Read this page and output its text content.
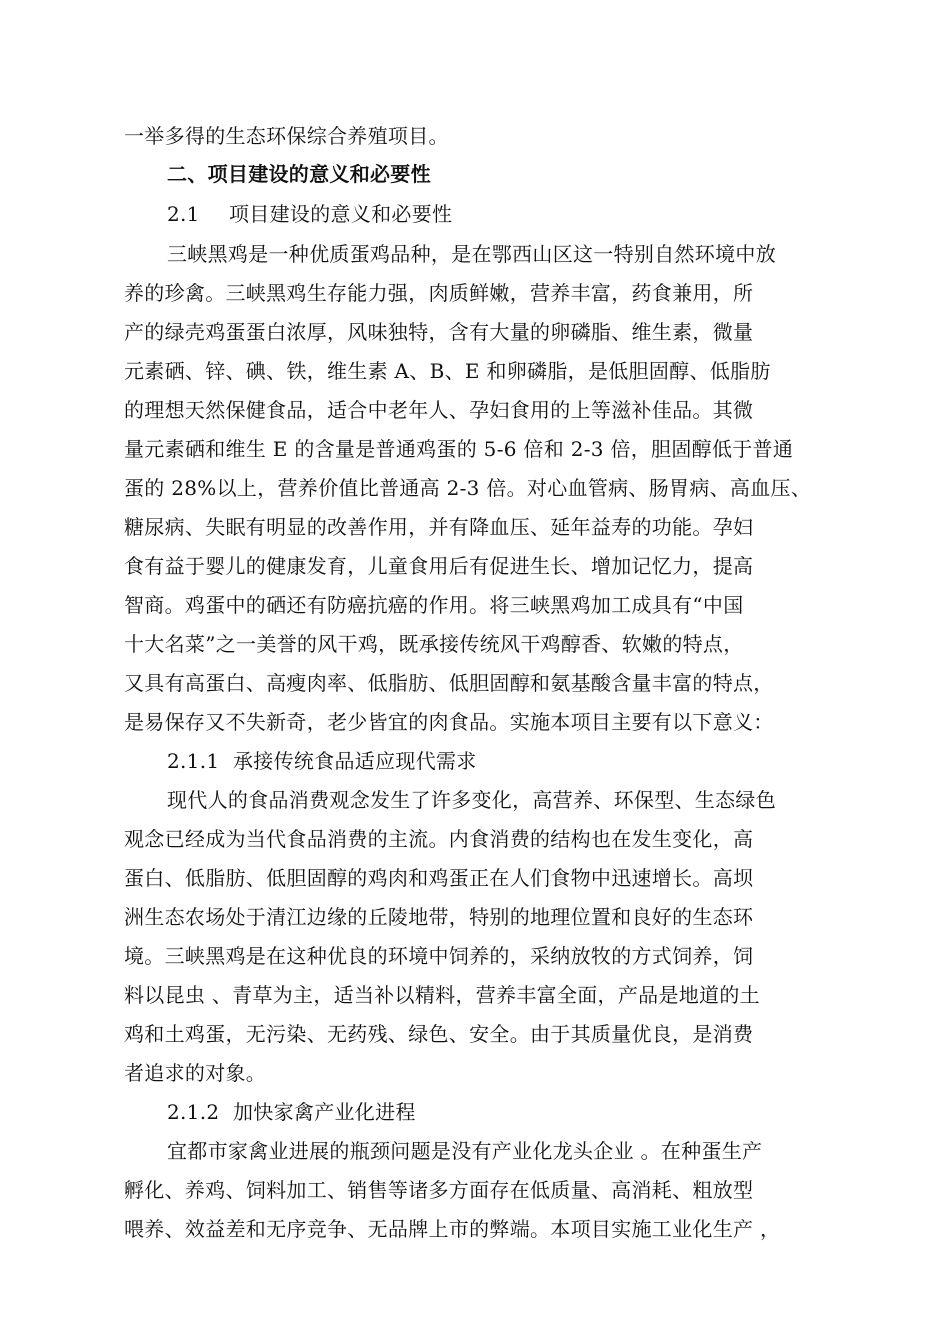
一举多得的生态环保综合养殖项目。
二、项目建设的意义和必要性
2.1 项目建设的意义和必要性
三峡黑鸡是一种优质蛋鸡品种，是在鄂西山区这一特别自然环境中放
养的珍禽。三峡黑鸡生存能力强，肉质鲜嫩，营养丰富，药食兼用，所
产的绿壳鸡蛋蛋白浓厚，风味独特，含有大量的卵磷脂、维生素，微量
元素硒、锌、碘、铁，维生素 A、B、E 和卵磷脂，是低胆固醇、低脂肪
的理想天然保健食品，适合中老年人、孕妇食用的上等滋补佳品。其微
量元素硒和维生 E 的含量是普通鸡蛋的 5-6 倍和 2-3 倍，胆固醇低于普通
蛋的 28%以上，营养价值比普通高 2-3 倍。对心血管病、肠胃病、高血压、
糖尿病、失眠有明显的改善作用，并有降血压、延年益寿的功能。孕妇
食有益于婴儿的健康发育，儿童食用后有促进生长、增加记忆力，提高
智商。鸡蛋中的硒还有防癌抗癌的作用。将三峡黑鸡加工成具有“中国
十大名菜”之一美誉的风干鸡，既承接传统风干鸡醇香、软嫩的特点，
又具有高蛋白、高瘦肉率、低脂肪、低胆固醇和氨基酸含量丰富的特点，
是易保存又不失新奇，老少皆宜的肉食品。实施本项目主要有以下意义：
2.1.1 承接传统食品适应现代需求
现代人的食品消费观念发生了许多变化，高营养、环保型、生态绿色
观念已经成为当代食品消费的主流。内食消费的结构也在发生变化，高
蛋白、低脂肪、低胆固醇的鸡肉和鸡蛋正在人们食物中迅速增长。高坝
洲生态农场处于清江边缘的丘陵地带，特别的地理位置和良好的生态环
境。三峡黑鸡是在这种优良的环境中饲养的，采纳放牧的方式饲养，饲
料以昆虫 、青草为主，适当补以精料，营养丰富全面，产品是地道的土
鸡和土鸡蛋，无污染、无药残、绿色、安全。由于其质量优良，是消费
者追求的对象。
2.1.2 加快家禽产业化进程
宜都市家禽业进展的瓶颈问题是没有产业化龙头企业 。在种蛋生产
孵化、养鸡、饲料加工、销售等诸多方面存在低质量、高消耗、粗放型
喂养、效益差和无序竞争、无品牌上市的弊端。本项目实施工业化生产 ，
